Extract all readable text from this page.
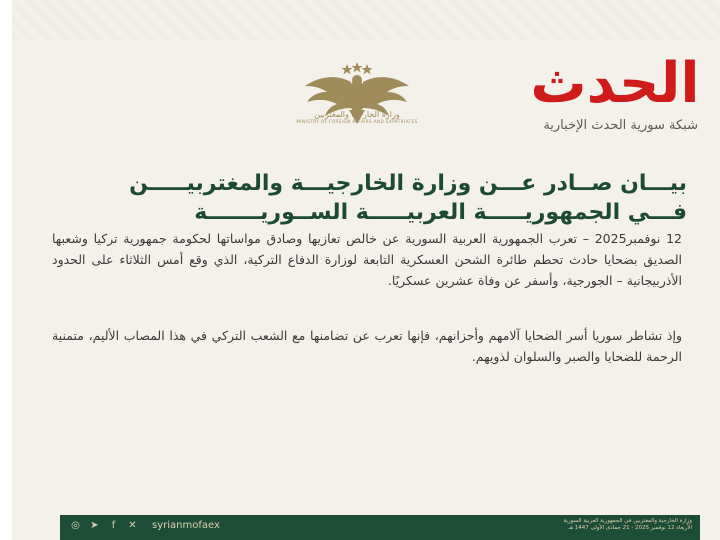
وزارة الخارجية والمغتربين
MINISTRY OF FOREIGN AFFAIRS AND EXPATRIATES
الحدث
شبكة سورية الحدث الإخبارية
بيـــان صــادر عـــن وزارة الخارجيـــة والمغتربيـــــن
فـــي الجمهوريـــــة العربيـــــة الســوريـــــــة

12 نوفمبر2025 – تعرب الجمهورية العربية السورية عن خالص تعازيها وصادق مواساتها لحكومة جمهورية تركيا وشعبها الصديق بضحايا حادث تحطم طائرة الشحن العسكرية التابعة لوزارة الدفاع التركية، الذي وقع أمس الثلاثاء على الحدود الأذربيجانية – الجورجية، وأسفر عن وفاة عشرين عسكريًا.

وإذ تشاطر سوريا أسر الضحايا آلامهم وأحزانهم، فإنها تعرب عن تضامنها مع الشعب التركي في هذا المصاب الأليم، متمنية الرحمة للضحايا والصبر والسلوان لذويهم.

◎ ➤	f	✕ syrianmofaex	وزارة الخارجية والمغتربين في الجمهورية العربية السورية
الأربعاء 12 نوفمبر 2025 - 21 جمادى الأولى 1447 هـ
